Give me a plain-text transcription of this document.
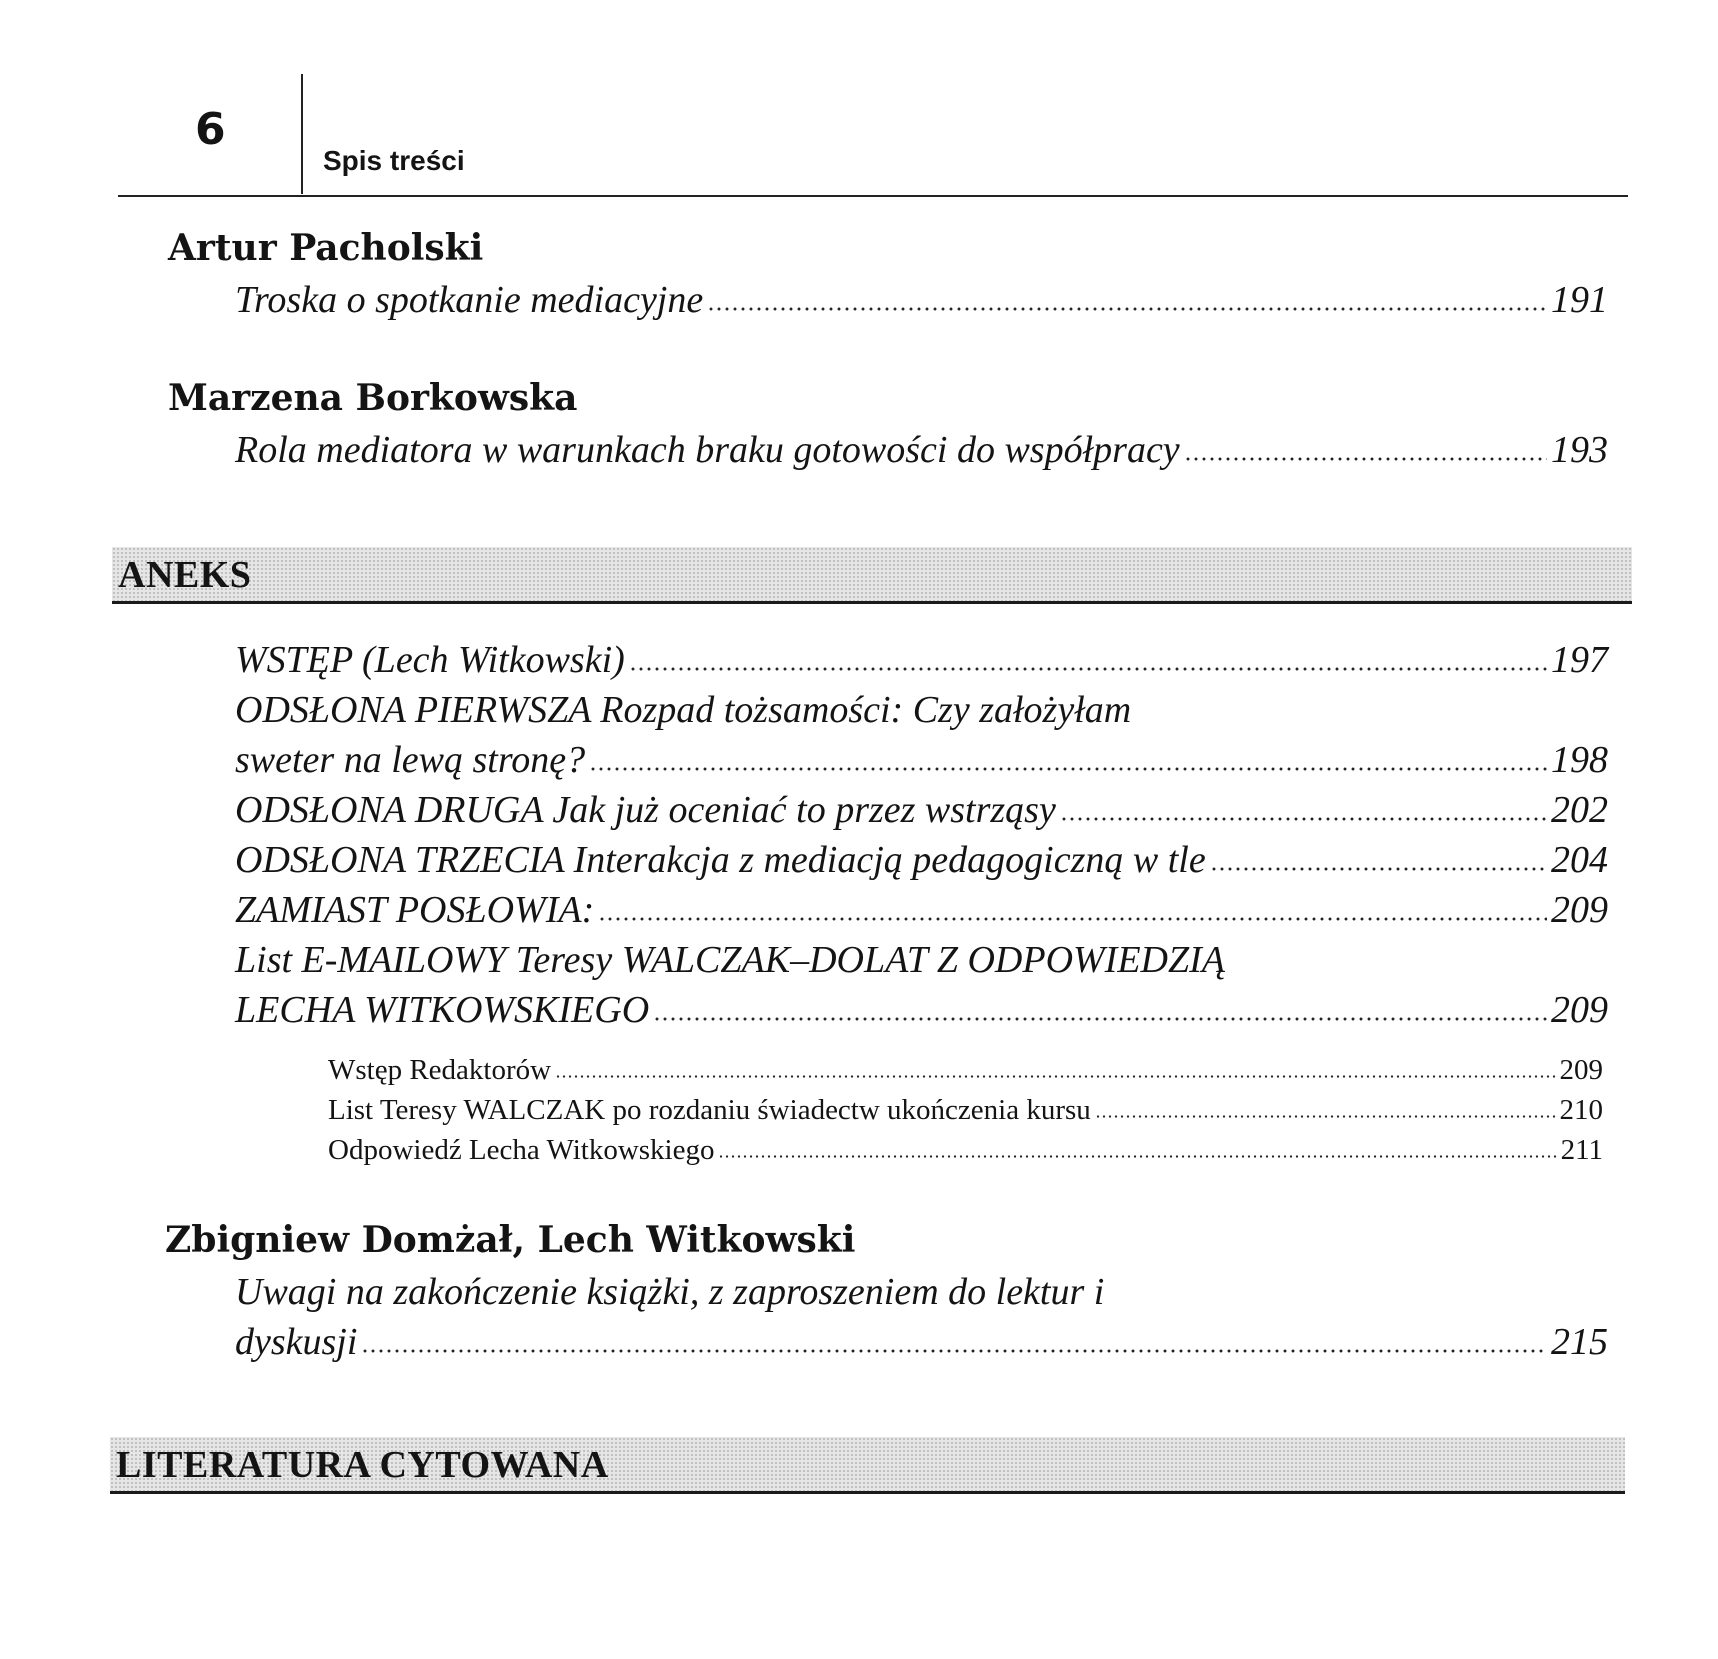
6
Spis treści
Artur Pacholski
Troska o spotkanie mediacyjne	191
Marzena Borkowska
Rola mediatora w warunkach braku gotowości do współpracy	193
ANEKS
WSTĘP (Lech Witkowski)	197
ODSŁONA PIERWSZA Rozpad tożsamości: Czy założyłam
sweter na lewą stronę?	198
ODSŁONA DRUGA Jak już oceniać to przez wstrząsy	202
ODSŁONA TRZECIA Interakcja z mediacją pedagogiczną w tle	204
ZAMIAST POSŁOWIA:	209
List E-MAILOWY Teresy WALCZAK–DOLAT Z ODPOWIEDZIĄ
LECHA WITKOWSKIEGO	209
Wstęp Redaktorów	209
List Teresy WALCZAK po rozdaniu świadectw ukończenia kursu	210
Odpowiedź Lecha Witkowskiego	211
Zbigniew Domżał, Lech Witkowski
Uwagi na zakończenie książki, z zaproszeniem do lektur i
dyskusji	215
LITERATURA CYTOWANA
